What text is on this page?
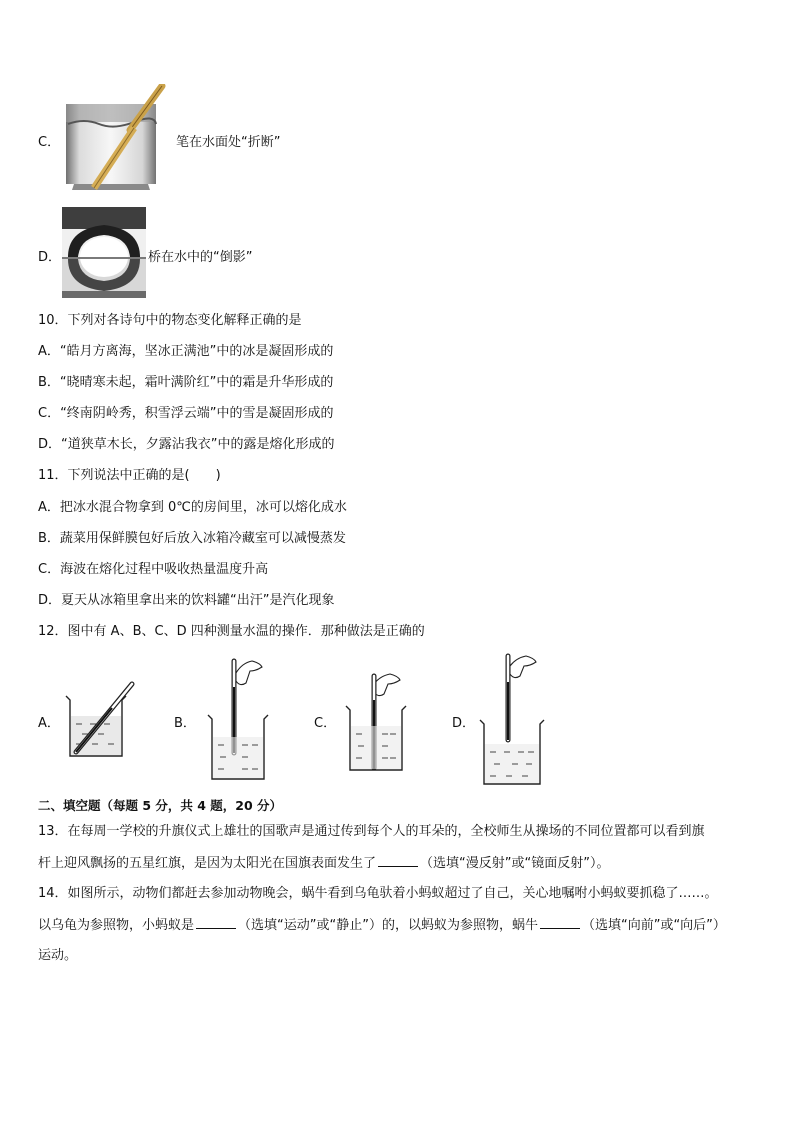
C．	笔在水面处“折断”
D．	桥在水中的“倒影”
10．下列对各诗句中的物态变化解释正确的是
A．“皓月方离海，坚冰正满池”中的冰是凝固形成的
B．“晓晴寒未起，霜叶满阶红”中的霜是升华形成的
C．“终南阴岭秀，积雪浮云端”中的雪是凝固形成的
D．“道狭草木长，夕露沾我衣”中的露是熔化形成的
11．下列说法中正确的是(　　)
A．把冰水混合物拿到 0℃的房间里，冰可以熔化成水
B．蔬菜用保鲜膜包好后放入冰箱冷藏室可以减慢蒸发
C．海波在熔化过程中吸收热量温度升高
D．夏天从冰箱里拿出来的饮料罐“出汗”是汽化现象
12．图中有 A、B、C、D 四种测量水温的操作．那种做法是正确的
A．	B．	C．	D．
二、填空题（每题 5 分，共 4 题，20 分）
13．在每周一学校的升旗仪式上雄壮的国歌声是通过传到每个人的耳朵的，全校师生从操场的不同位置都可以看到旗
杆上迎风飘扬的五星红旗，是因为太阳光在国旗表面发生了	（选填“漫反射”或“镜面反射”）。
14．如图所示，动物们都赶去参加动物晚会，蜗牛看到乌龟驮着小蚂蚁超过了自己，关心地嘱咐小蚂蚁要抓稳了……。
以乌龟为参照物，小蚂蚁是	（选填“运动”或“静止”）的，以蚂蚁为参照物，蜗牛	（选填“向前”或“向后”）
运动。
